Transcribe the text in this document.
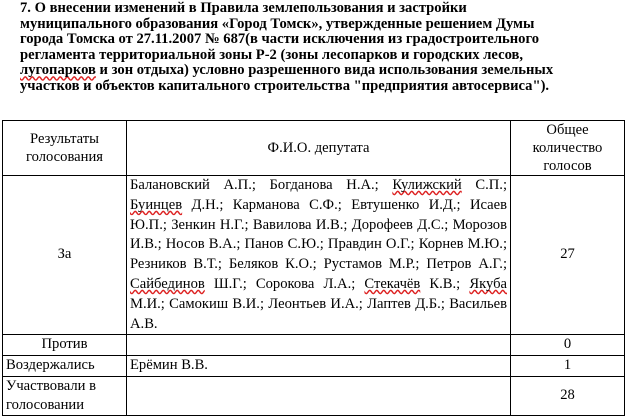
7. О внесении изменений в Правила землепользования и застройки
муниципального образования «Город Томск», утвержденные решением Думы
города Томска от 27.11.2007 № 687(в части исключения из градостроительного
регламента территориальной зоны Р-2 (зоны лесопарков и городских лесов,
лугопарков и зон отдыха) условно разрешенного вида использования земельных
участков и объектов капитального строительства "предприятия автосервиса").
Результаты голосования	Ф.И.О. депутата	Общее количество голосов
За	Балановский А.П.; Богданова Н.А.; Кулижский С.П.; Буинцев Д.Н.; Карманова С.Ф.; Евтушенко И.Д.; Исаев Ю.П.; Зенкин Н.Г.; Вавилова И.В.; Дорофеев Д.С.; Морозов И.В.; Носов В.А.; Панов С.Ю.; Правдин О.Г.; Корнев М.Ю.; Резников В.Т.; Беляков К.О.; Рустамов М.Р.; Петров А.Г.; Сайбединов Ш.Г.; Сорокова Л.А.; Стекачёв К.В.; Якуба М.И.; Самокиш В.И.; Леонтьев И.А.; Лаптев Д.Б.; Васильев А.В.	27
Против		0
Воздержались	Ерёмин В.В.	1
Участвовали в голосовании		28
